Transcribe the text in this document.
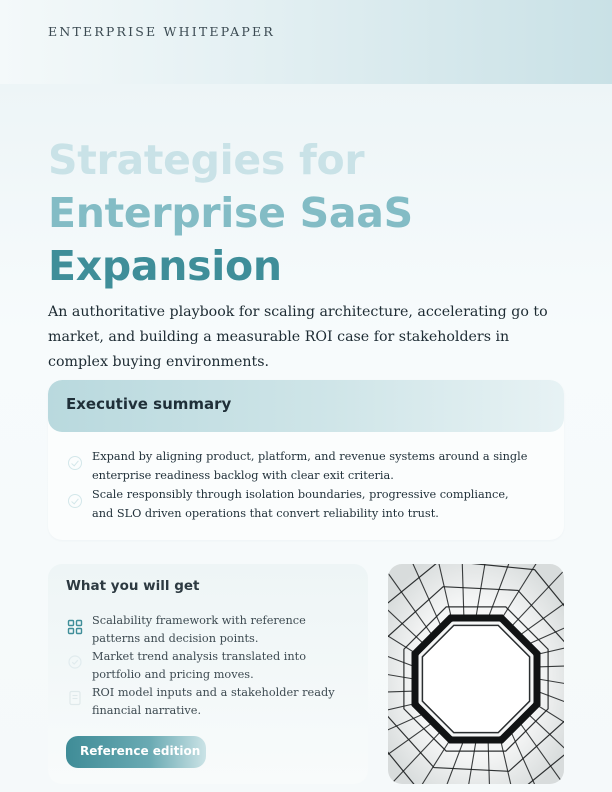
ENTERPRISE WHITEPAPER
Strategies for
Enterprise SaaS
Expansion

An authoritative playbook for scaling architecture, accelerating go to market, and building a measurable ROI case for stakeholders in complex buying environments.

Executive summary
Expand by aligning product, platform, and revenue systems around a single enterprise readiness backlog with clear exit criteria.
Scale responsibly through isolation boundaries, progressive compliance, and SLO driven operations that convert reliability into trust.
What you will get
Scalability framework with reference patterns and decision points.
Market trend analysis translated into portfolio and pricing moves.
ROI model inputs and a stakeholder ready financial narrative.
Reference edition
